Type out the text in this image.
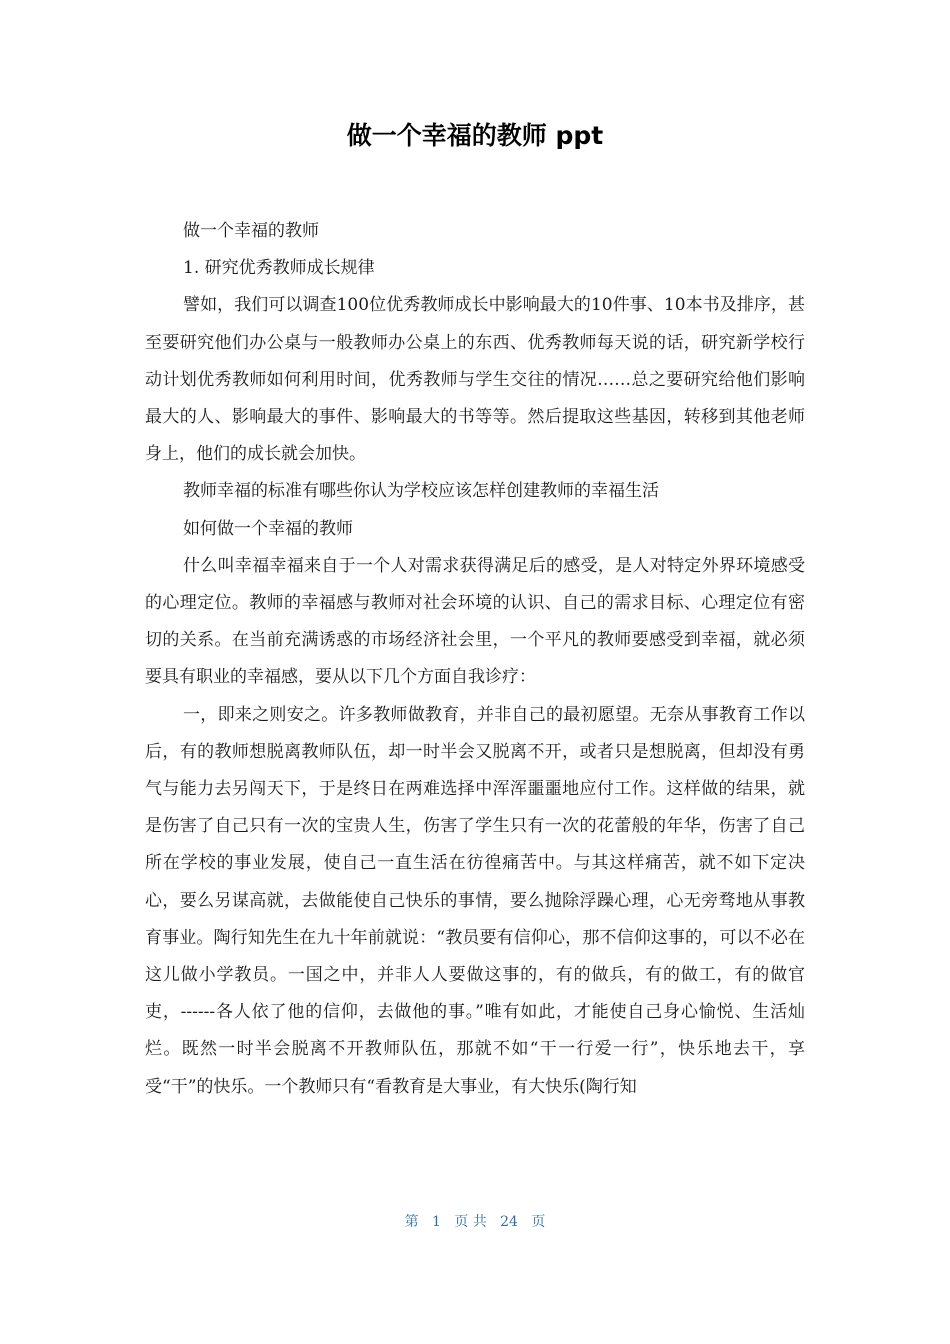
做一个幸福的教师 ppt

做一个幸福的教师

1. 研究优秀教师成长规律

譬如，我们可以调查100位优秀教师成长中影响最大的10件事、10本书及排序，甚至要研究他们办公桌与一般教师办公桌上的东西、优秀教师每天说的话，研究新学校行动计划优秀教师如何利用时间，优秀教师与学生交往的情况……总之要研究给他们影响最大的人、影响最大的事件、影响最大的书等等。然后提取这些基因，转移到其他老师身上，他们的成长就会加快。

教师幸福的标准有哪些你认为学校应该怎样创建教师的幸福生活

如何做一个幸福的教师

什么叫幸福幸福来自于一个人对需求获得满足后的感受，是人对特定外界环境感受的心理定位。教师的幸福感与教师对社会环境的认识、自己的需求目标、心理定位有密切的关系。在当前充满诱惑的市场经济社会里，一个平凡的教师要感受到幸福，就必须要具有职业的幸福感，要从以下几个方面自我诊疗：

一，即来之则安之。许多教师做教育，并非自己的最初愿望。无奈从事教育工作以后，有的教师想脱离教师队伍，却一时半会又脱离不开，或者只是想脱离，但却没有勇气与能力去另闯天下，于是终日在两难选择中浑浑噩噩地应付工作。这样做的结果，就是伤害了自己只有一次的宝贵人生，伤害了学生只有一次的花蕾般的年华，伤害了自己所在学校的事业发展，使自己一直生活在彷徨痛苦中。与其这样痛苦，就不如下定决心，要么另谋高就，去做能使自己快乐的事情，要么抛除浮躁心理，心无旁骛地从事教育事业。陶行知先生在九十年前就说：“教员要有信仰心，那不信仰这事的，可以不必在这儿做小学教员。一国之中，并非人人要做这事的，有的做兵，有的做工，有的做官吏，------各人依了他的信仰，去做他的事。”唯有如此，才能使自己身心愉悦、生活灿烂。既然一时半会脱离不开教师队伍，那就不如“干一行爱一行”，快乐地去干，享受“干”的快乐。一个教师只有“看教育是大事业，有大快乐(陶行知

第 1 页 共 24 页
